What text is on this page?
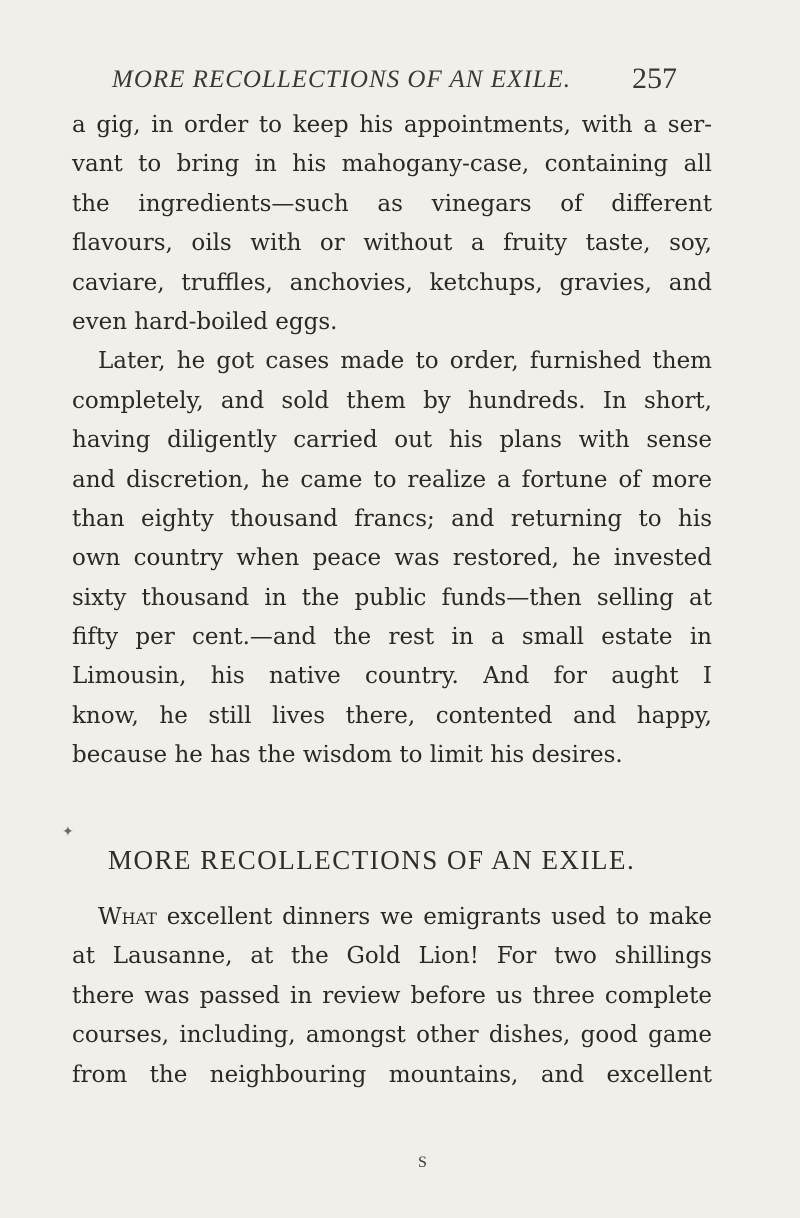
MORE RECOLLECTIONS OF AN EXILE.	257
a gig, in order to keep his appointments, with a ser-
vant to bring in his mahogany-case, containing all
the ingredients—such as vinegars of different
flavours, oils with or without a fruity taste, soy,
caviare, truffles, anchovies, ketchups, gravies, and
even hard-boiled eggs.
Later, he got cases made to order, furnished them
completely, and sold them by hundreds. In short,
having diligently carried out his plans with sense
and discretion, he came to realize a fortune of more
than eighty thousand francs; and returning to his
own country when peace was restored, he invested
sixty thousand in the public funds—then selling at
fifty per cent.—and the rest in a small estate in
Limousin, his native country. And for aught I
know, he still lives there, contented and happy,
because he has the wisdom to limit his desires.
✦
MORE RECOLLECTIONS OF AN EXILE.
What excellent dinners we emigrants used to make
at Lausanne, at the Gold Lion! For two shillings
there was passed in review before us three complete
courses, including, amongst other dishes, good game
from the neighbouring mountains, and excellent
S
